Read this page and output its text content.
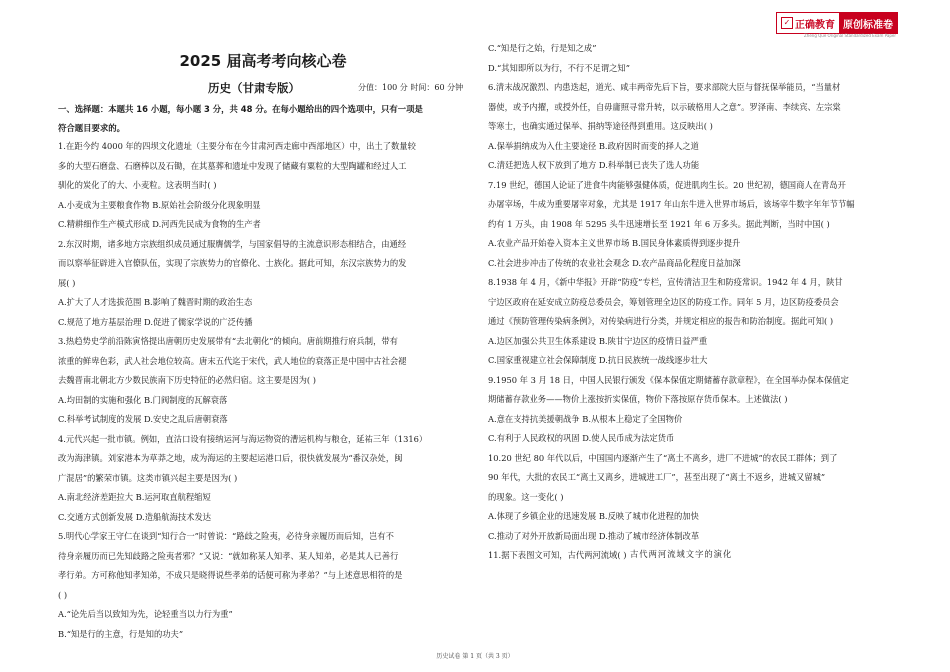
✓ 正确教育 原创标准卷
Zheng Que Original Standardized Exam Paper
2025 届高考考向核心卷
历史（甘肃专版）	分值：100 分 时间：60 分钟
一、选择题：本题共 16 小题，每小题 3 分，共 48 分。在每小题给出的四个选项中，只有一项是
符合题目要求的。
1.在距今约 4000 年的四坝文化遗址（主要分布在今甘肃河西走廊中西部地区）中，出土了数量较
多的大型石磨盘、石磨棒以及石锄，在其墓葬和遗址中发现了储藏有粟粒的大型陶罐和经过人工
驯化的炭化了的大、小麦粒。这表明当时( )
A.小麦成为主要粮食作物 B.原始社会阶级分化现象明显
C.精耕细作生产模式形成 D.河西先民成为食物的生产者
2.东汉时期，诸多地方宗族组织成员通过服膺儒学，与国家倡导的主流意识形态相结合，由通经
而以察举征辟进入官僚队伍，实现了宗族势力的官僚化、士族化。据此可知，东汉宗族势力的发
展( )
A.扩大了人才选拔范围 B.影响了魏晋时期的政治生态
C.规范了地方基层治理 D.促进了儒家学说的广泛传播
3.热趋势史学前沿陈寅恪提出唐朝历史发展带有“去北朝化”的倾向。唐前期推行府兵制，带有
浓重的鲜卑色彩，武人社会地位较高。唐末五代迄于宋代，武人地位的衰落正是中国中古社会褪
去魏晋南北朝北方少数民族南下历史特征的必然归宿。这主要是因为( )
A.均田制的实施和强化 B.门阀制度的瓦解衰落
C.科举考试制度的发展 D.安史之乱后唐朝衰落
4.元代兴起一批市镇。例如，直沽口设有接纳运河与海运物资的漕运机构与粮仓，延祐三年（1316）
改为海津镇。刘家港本为草莽之地，成为海运的主要起运港口后，很快就发展为“番汉杂处，闽
广混居”的繁荣市镇。这类市镇兴起主要是因为( )
A.南北经济差距拉大 B.运河取直航程缩短
C.交通方式创新发展 D.造船航海技术发达
5.明代心学家王守仁在谈到“知行合一”时曾说：“路歧之险夷，必待身亲履历而后知，岂有不
待身亲履历而已先知歧路之险夷者邪？”又说：“就如称某人知孝、某人知弟，必是其人已善行
孝行弟。方可称他知孝知弟，不成只是晓得说些孝弟的话便可称为孝弟？”与上述意思相符的是
( )
A.“论先后当以致知为先，论轻重当以力行为重”
B.“知是行的主意，行是知的功夫”
C.“知是行之始，行是知之成”
D.“其知即所以为行，不行不足谓之知”
6.清末战况激烈、内患迭起，道光、咸丰两帝先后下旨，要求部院大臣与督抚保举能员，“当量材
器使，或予内擢，或授外任，自毋庸照寻常升转，以示破格用人之意”。罗泽南、李续宾、左宗棠
等寒士，也确实通过保举、捐纳等途径得到重用。这反映出( )
A.保举捐纳成为入仕主要途径 B.政府因时而变的择人之道
C.清廷把选人权下放到了地方 D.科举制已丧失了选人功能
7.19 世纪，德国人论证了进食牛肉能够强健体质，促进肌肉生长。20 世纪初，德国商人在青岛开
办屠宰场，牛成为重要屠宰对象，尤其是 1917 年山东牛进入世界市场后，该场宰牛数字年年节节幅
约有 1 万头，由 1908 年 5295 头牛迅速增长至 1921 年 6 万多头。据此判断，当时中国( )
A.农业产品开始卷入资本主义世界市场 B.国民身体素质得到逐步提升
C.社会进步冲击了传统的农业社会观念 D.农产品商品化程度日益加深
8.1938 年 4 月，《新中华报》开辟“防疫”专栏，宣传清洁卫生和防疫常识。1942 年 4 月，陕甘
宁边区政府在延安成立防疫总委员会，筹划管理全边区的防疫工作。同年 5 月，边区防疫委员会
通过《预防管理传染病条例》，对传染病进行分类，并规定相应的报告和防治制度。据此可知( )
A.边区加强公共卫生体系建设 B.陕甘宁边区的疫情日益严重
C.国家重视建立社会保障制度 D.抗日民族统一战线逐步壮大
9.1950 年 3 月 18 日，中国人民银行颁发《保本保值定期储蓄存款章程》，在全国举办保本保值定
期储蓄存款业务——物价上涨按折实保值，物价下落按原存货币保本。上述做法( )
A.意在支持抗美援朝战争 B.从根本上稳定了全国物价
C.有利于人民政权的巩固 D.使人民币成为法定货币
10.20 世纪 80 年代以后，中国国内逐渐产生了“离土不离乡，进厂不进城”的农民工群体；到了
90 年代，大批的农民工“离土又离乡，进城进工厂”，甚至出现了“离土不返乡，进城又留城”
的现象。这一变化( )
A.体现了乡镇企业的迅速发展 B.反映了城市化进程的加快
C.推动了对外开放新局面出现 D.推动了城市经济体制改革
11.据下表图文可知，古代两河流域( ) 古代两河流域文字的演化
历史试卷 第 1 页（共 3 页）
